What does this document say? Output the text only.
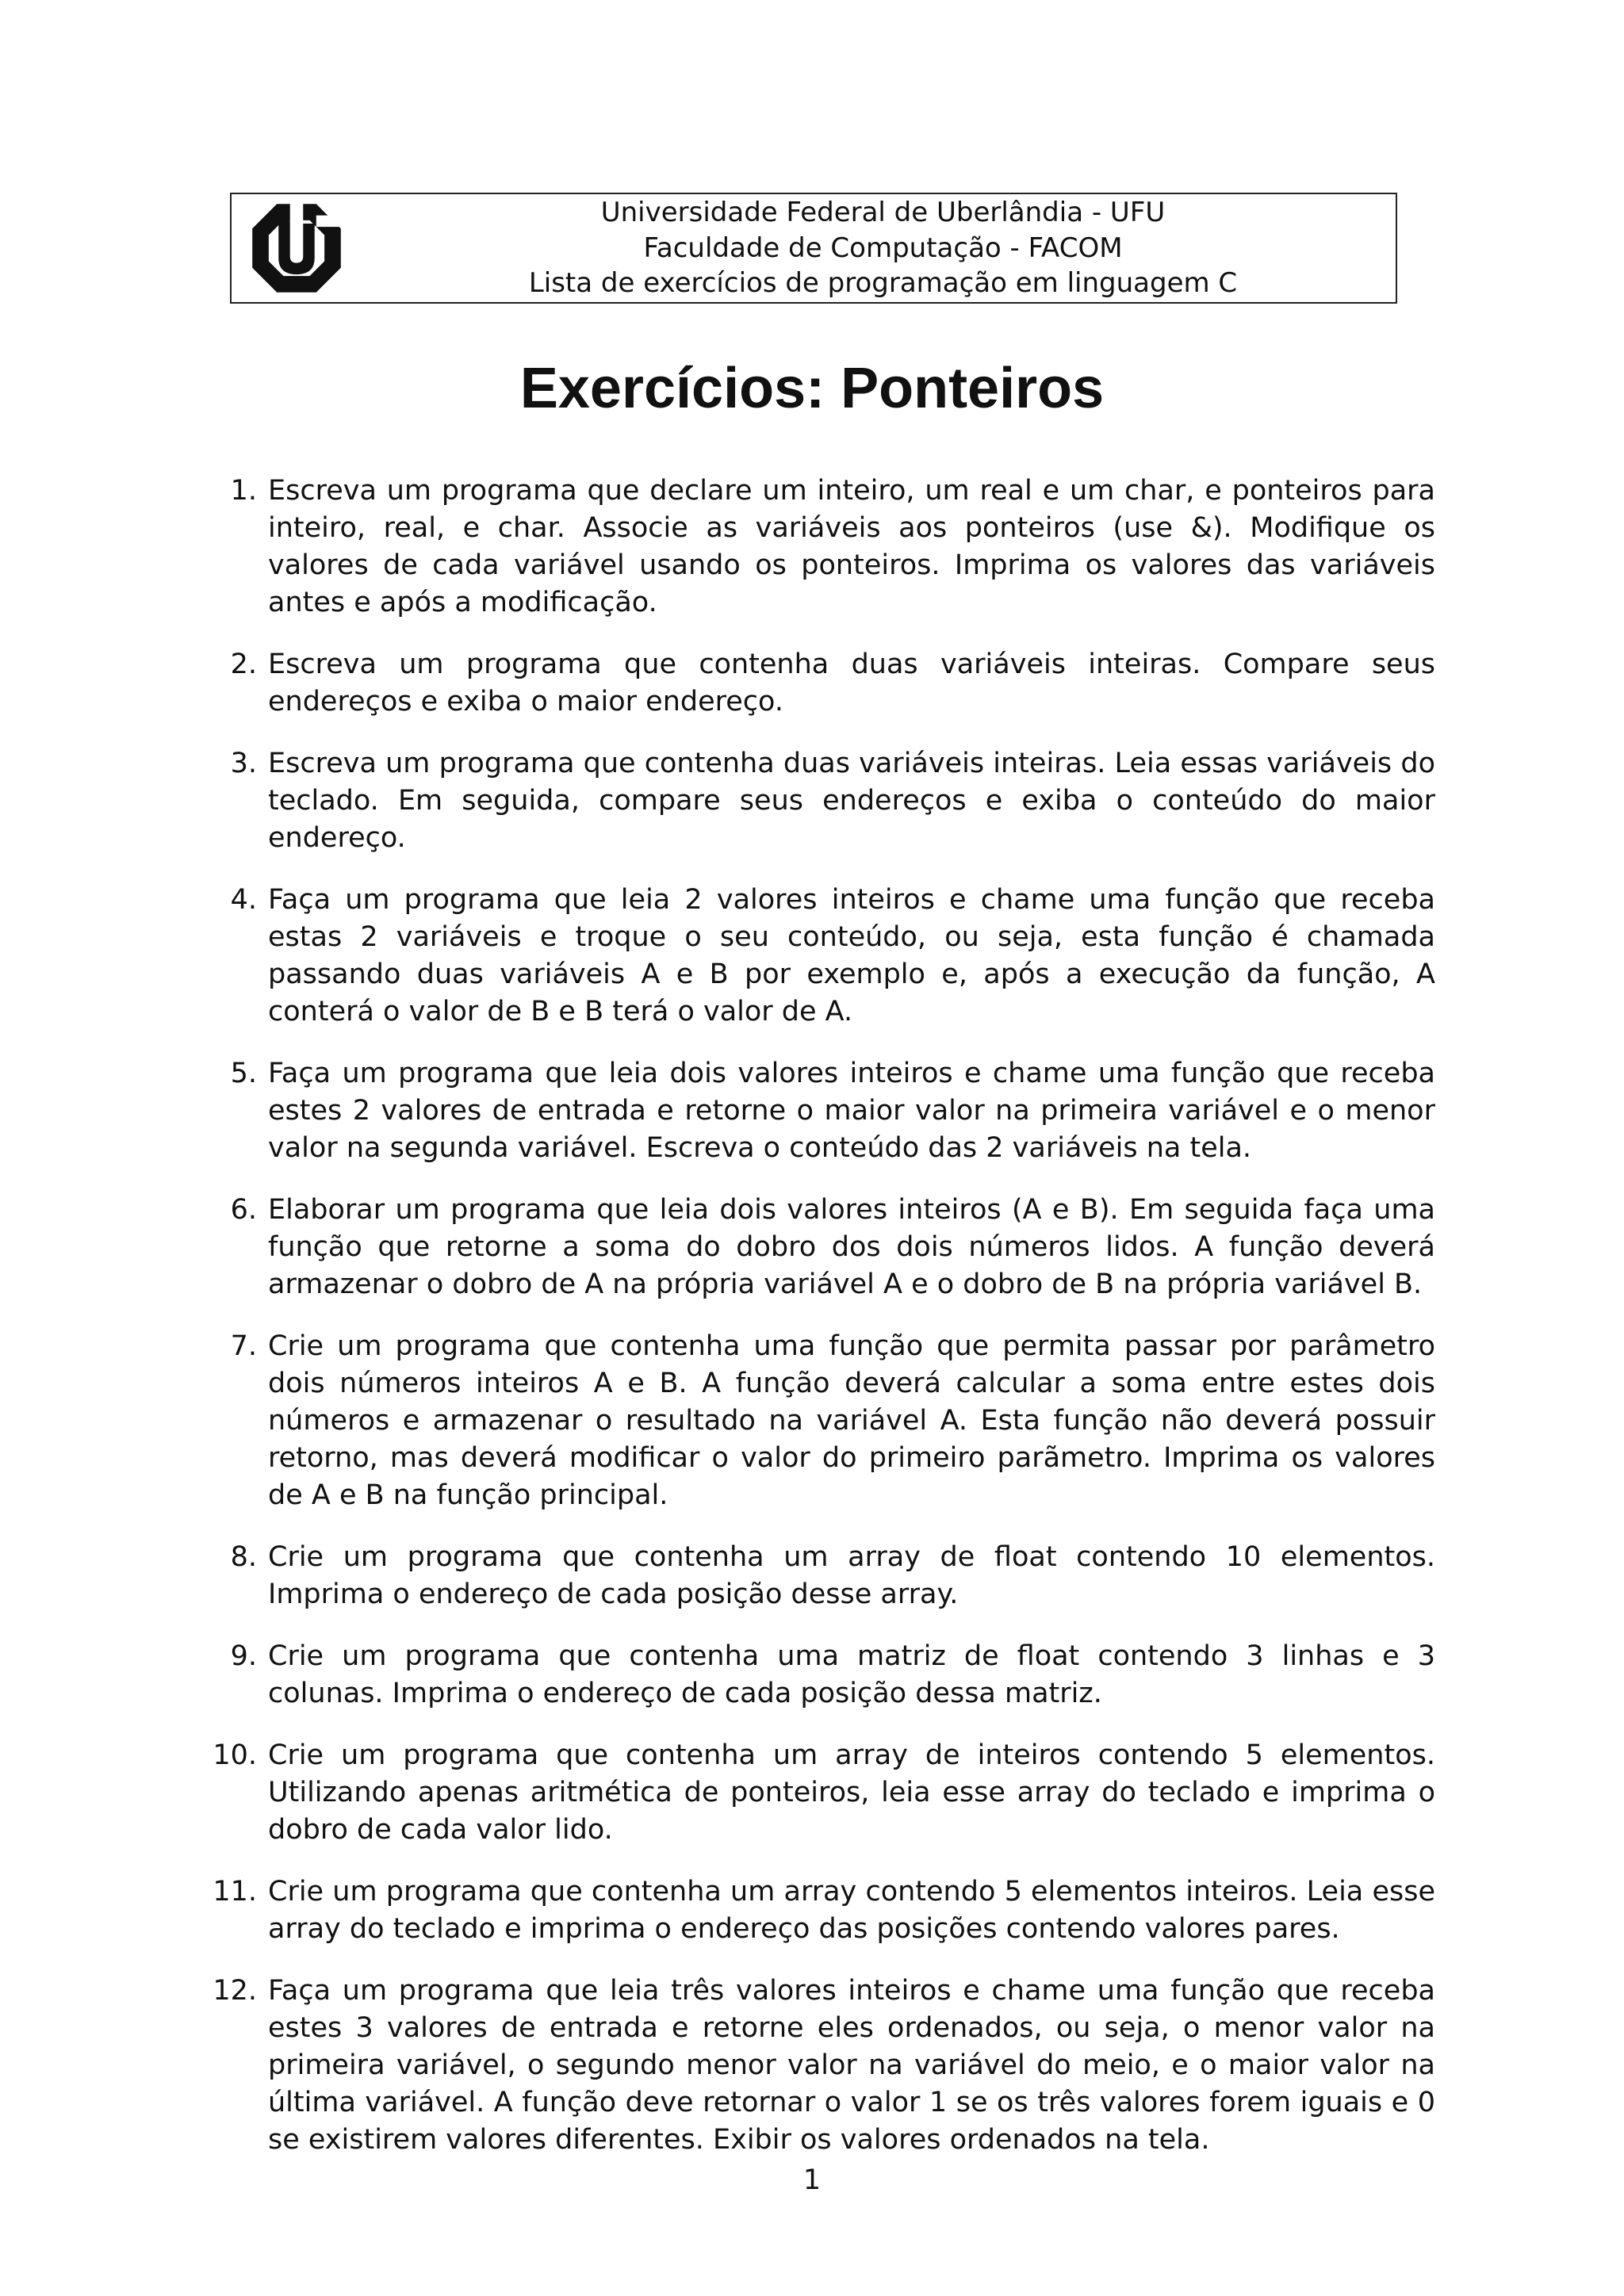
Universidade Federal de Uberlândia - UFU
Faculdade de Computação - FACOM
Lista de exercícios de programação em linguagem C
Exercícios: Ponteiros
1. Escreva um programa que declare um inteiro, um real e um char, e ponteiros para inteiro, real, e char. Associe as variáveis aos ponteiros (use &). Modifique os valores de cada variável usando os ponteiros. Imprima os valores das variáveis antes e após a modificação.
2. Escreva um programa que contenha duas variáveis inteiras. Compare seus endereços e exiba o maior endereço.
3. Escreva um programa que contenha duas variáveis inteiras. Leia essas variáveis do teclado. Em seguida, compare seus endereços e exiba o conteúdo do maior endereço.
4. Faça um programa que leia 2 valores inteiros e chame uma função que receba estas 2 variáveis e troque o seu conteúdo, ou seja, esta função é chamada passando duas variáveis A e B por exemplo e, após a execução da função, A conterá o valor de B e B terá o valor de A.
5. Faça um programa que leia dois valores inteiros e chame uma função que receba estes 2 valores de entrada e retorne o maior valor na primeira variável e o menor valor na segunda variável. Escreva o conteúdo das 2 variáveis na tela.
6. Elaborar um programa que leia dois valores inteiros (A e B). Em seguida faça uma função que retorne a soma do dobro dos dois números lidos. A função deverá armazenar o dobro de A na própria variável A e o dobro de B na própria variável B.
7. Crie um programa que contenha uma função que permita passar por parâmetro dois números inteiros A e B. A função deverá calcular a soma entre estes dois números e armazenar o resultado na variável A. Esta função não deverá possuir retorno, mas deverá modificar o valor do primeiro parãmetro. Imprima os valores de A e B na função principal.
8. Crie um programa que contenha um array de float contendo 10 elementos. Imprima o endereço de cada posição desse array.
9. Crie um programa que contenha uma matriz de float contendo 3 linhas e 3 colunas. Imprima o endereço de cada posição dessa matriz.
10. Crie um programa que contenha um array de inteiros contendo 5 elementos. Utilizando apenas aritmética de ponteiros, leia esse array do teclado e imprima o dobro de cada valor lido.
11. Crie um programa que contenha um array contendo 5 elementos inteiros. Leia esse array do teclado e imprima o endereço das posições contendo valores pares.
12. Faça um programa que leia três valores inteiros e chame uma função que receba estes 3 valores de entrada e retorne eles ordenados, ou seja, o menor valor na primeira variável, o segundo menor valor na variável do meio, e o maior valor na última variável. A função deve retornar o valor 1 se os três valores forem iguais e 0 se existirem valores diferentes. Exibir os valores ordenados na tela.
1
